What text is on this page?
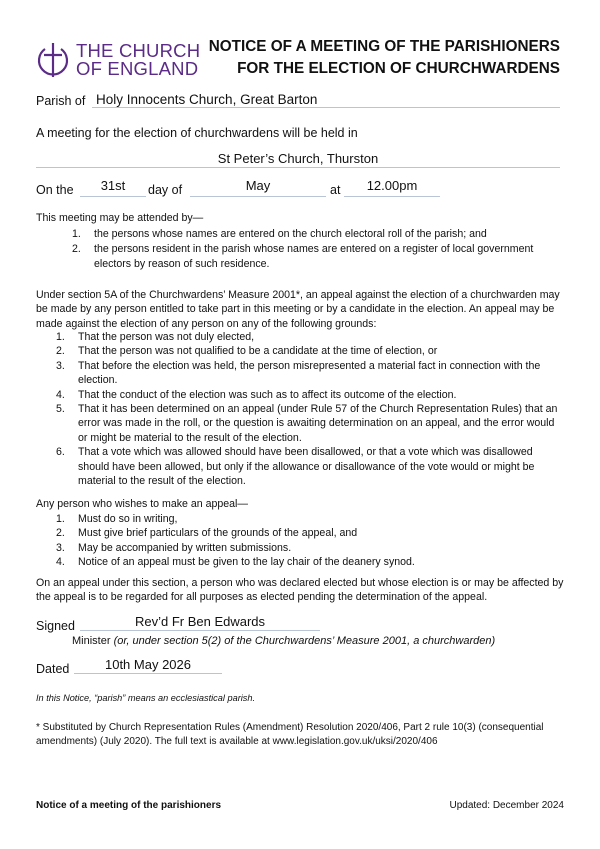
THE CHURCH
OF ENGLAND
NOTICE OF A MEETING OF THE PARISHIONERS
FOR THE ELECTION OF CHURCHWARDENS
Parish of Holy Innocents Church, Great Barton
A meeting for the election of churchwardens will be held in
St Peter’s Church, Thurston
On the	31st	day of	May	at	12.00pm
This meeting may be attended by—
1. the persons whose names are entered on the church electoral roll of the parish; and
2. the persons resident in the parish whose names are entered on a register of local government electors by reason of such residence.
Under section 5A of the Churchwardens’ Measure 2001*, an appeal against the election of a churchwarden may be made by any person entitled to take part in this meeting or by a candidate in the election. An appeal may be made against the election of any person on any of the following grounds:
1. That the person was not duly elected,
2. That the person was not qualified to be a candidate at the time of election, or
3. That before the election was held, the person misrepresented a material fact in connection with the election.
4. That the conduct of the election was such as to affect its outcome of the election.
5. That it has been determined on an appeal (under Rule 57 of the Church Representation Rules) that an error was made in the roll, or the question is awaiting determination on an appeal, and the error would or might be material to the result of the election.
6. That a vote which was allowed should have been disallowed, or that a vote which was disallowed should have been allowed, but only if the allowance or disallowance of the vote would or might be material to the result of the election.
Any person who wishes to make an appeal—
1. Must do so in writing,
2. Must give brief particulars of the grounds of the appeal, and
3. May be accompanied by written submissions.
4. Notice of an appeal must be given to the lay chair of the deanery synod.
On an appeal under this section, a person who was declared elected but whose election is or may be affected by the appeal is to be regarded for all purposes as elected pending the determination of the appeal.
Signed	Rev’d Fr Ben Edwards
Minister (or, under section 5(2) of the Churchwardens’ Measure 2001, a churchwarden)
Dated	10th May 2026
In this Notice, “parish” means an ecclesiastical parish.
* Substituted by Church Representation Rules (Amendment) Resolution 2020/406, Part 2 rule 10(3) (consequential amendments) (July 2020). The full text is available at www.legislation.gov.uk/uksi/2020/406
Notice of a meeting of the parishioners	Updated: December 2024
